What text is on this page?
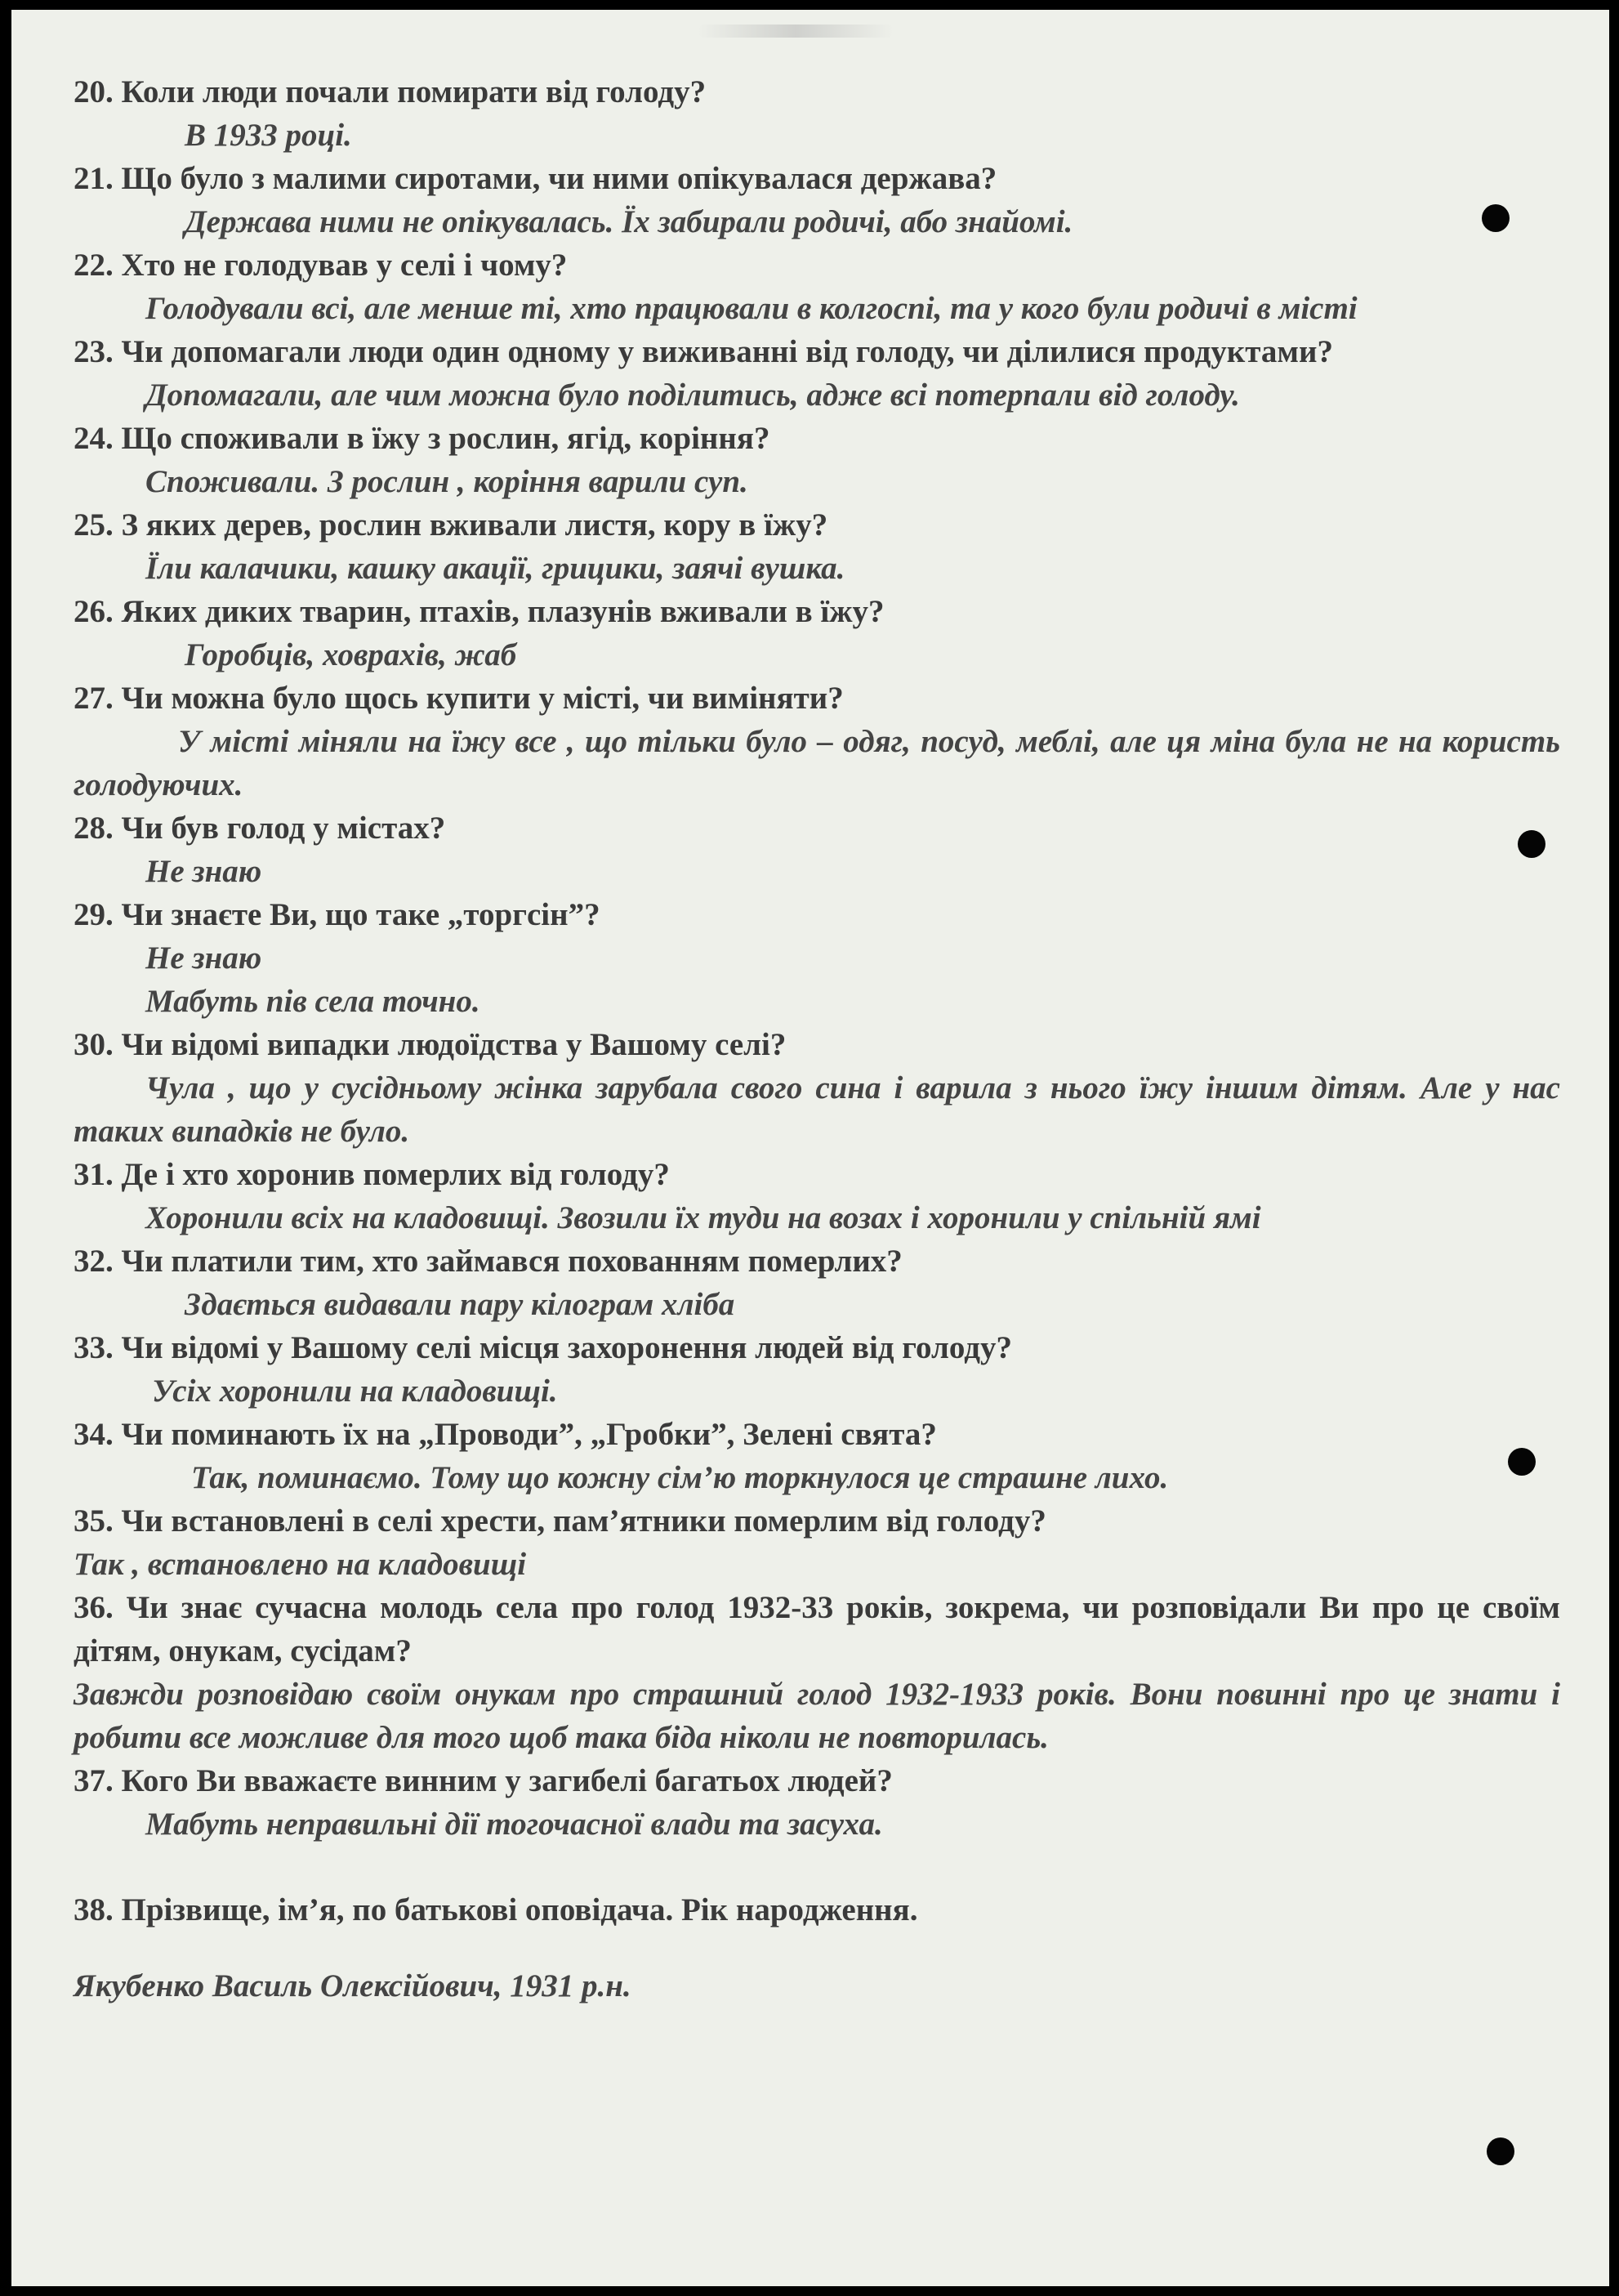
20. Коли люди почали помирати від голоду?

В 1933 році.

21. Що було з малими сиротами, чи ними опікувалася держава?

Держава ними не опікувалась. Їх забирали родичі, або знайомі.

22. Хто не голодував у селі і чому?

Голодували всі, але менше ті, хто працювали в колгоспі, та у кого були родичі в місті

23. Чи допомагали люди один одному у виживанні від голоду, чи ділилися продуктами?

Допомагали, але чим можна було поділитись, адже всі потерпали від голоду.

24. Що споживали в їжу з рослин, ягід, коріння?

Споживали. З рослин , коріння варили суп.

25. З яких дерев, рослин вживали листя, кору в їжу?

Їли калачики, кашку акації, грицики, заячі вушка.

26. Яких диких тварин, птахів, плазунів вживали в їжу?

Горобців, ховрахів, жаб

27. Чи можна було щось купити у місті, чи виміняти?

У місті міняли на їжу все , що тільки було – одяг, посуд, меблі, але ця міна була не на користь голодуючих.

28. Чи був голод у містах?

Не знаю

29. Чи знаєте Ви, що таке „торгсін”?

Не знаю

Мабуть пів села точно.

30. Чи відомі випадки людоїдства у Вашому селі?

Чула , що у сусідньому жінка зарубала свого сина і варила з нього їжу іншим дітям. Але у нас таких випадків не було.

31. Де і хто хоронив померлих від голоду?

Хоронили всіх на кладовищі. Звозили їх туди на возах і хоронили у спільній ямі

32. Чи платили тим, хто займався похованням померлих?

Здається видавали пару кілограм хліба

33. Чи відомі у Вашому селі місця захоронення людей від голоду?

Усіх хоронили на кладовищі.

34. Чи поминають їх на „Проводи”, „Гробки”, Зелені свята?

Так, поминаємо. Тому що кожну сім’ю торкнулося це страшне лихо.

35. Чи встановлені в селі хрести, пам’ятники померлим від голоду?

Так , встановлено на кладовищі

36. Чи знає сучасна молодь села про голод 1932-33 років, зокрема, чи розповідали Ви про це своїм дітям, онукам, сусідам?

Завжди розповідаю своїм онукам про страшний голод 1932-1933 років. Вони повинні про це знати і робити все можливе для того щоб така біда ніколи не повторилась.

37. Кого Ви вважаєте винним у загибелі багатьох людей?

Мабуть неправильні дії тогочасної влади та засуха.

38. Прізвище, ім’я, по батькові оповідача. Рік народження.

Якубенко Василь Олексійович, 1931 р.н.
